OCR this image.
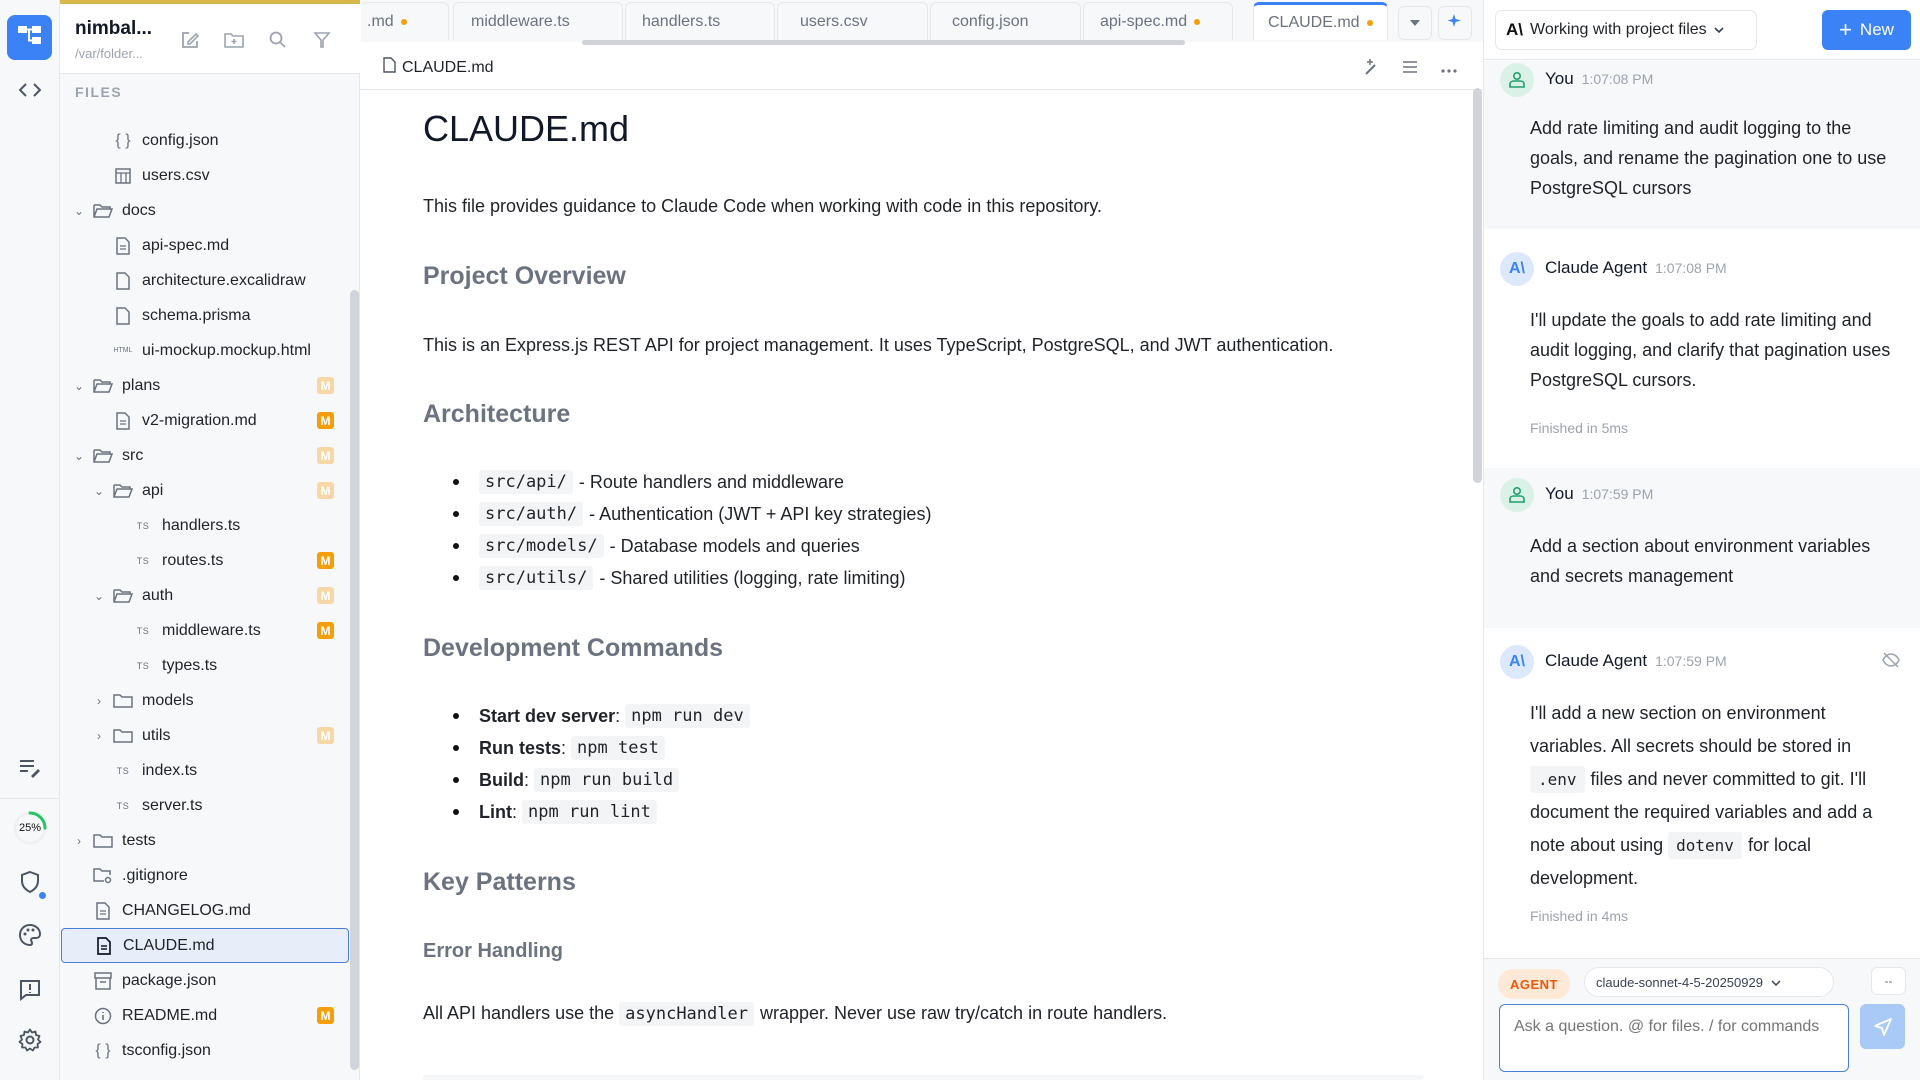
25%
nimbal...
/var/folder...
FILES
{ } config.json
users.csv
⌄ docs
api-spec.md
architecture.excalidraw
schema.prisma
HTML ui-mockup.mockup.html
⌄ plans	M
v2-migration.md	M
⌄ src	M
⌄ api	M
TS handlers.ts
TS routes.ts	M
⌄ auth	M
TS middleware.ts	M
TS types.ts
›	models
›	utils	M
TS index.ts
TS server.ts
›	tests
.gitignore
CHANGELOG.md
CLAUDE.md
package.json
README.md	M
{ } tsconfig.json
.md	middleware.ts	handlers.ts	users.csv	config.json	api-spec.md	CLAUDE.md
CLAUDE.md
CLAUDE.md
This file provides guidance to Claude Code when working with code in this repository.
Project Overview
This is an Express.js REST API for project management. It uses TypeScript, PostgreSQL, and JWT authentication.
Architecture
src/api/ - Route handlers and middleware
src/auth/ - Authentication (JWT + API key strategies)
src/models/ - Database models and queries
src/utils/ - Shared utilities (logging, rate limiting)
Development Commands
Start dev server : npm run dev
Run tests : npm test
Build : npm run build
Lint : npm run lint
Key Patterns
Error Handling
All API handlers use the asyncHandler wrapper. Never use raw try/catch in route handlers.
A\ Working with project files	+ New
You 1:07:08 PM
Add rate limiting and audit logging to the goals, and rename the pagination one to use PostgreSQL cursors
A\ Claude Agent 1:07:08 PM
I'll update the goals to add rate limiting and audit logging, and clarify that pagination uses PostgreSQL cursors.
Finished in 5ms
You 1:07:59 PM
Add a section about environment variables and secrets management
A\ Claude Agent 1:07:59 PM
I'll add a new section on environment variables. All secrets should be stored in .env files and never committed to git. I'll document the required variables and add a note about using dotenv for local development.
Finished in 4ms
AGENT	claude-sonnet-4-5-20250929	--
Ask a question. @ for files. / for commands
